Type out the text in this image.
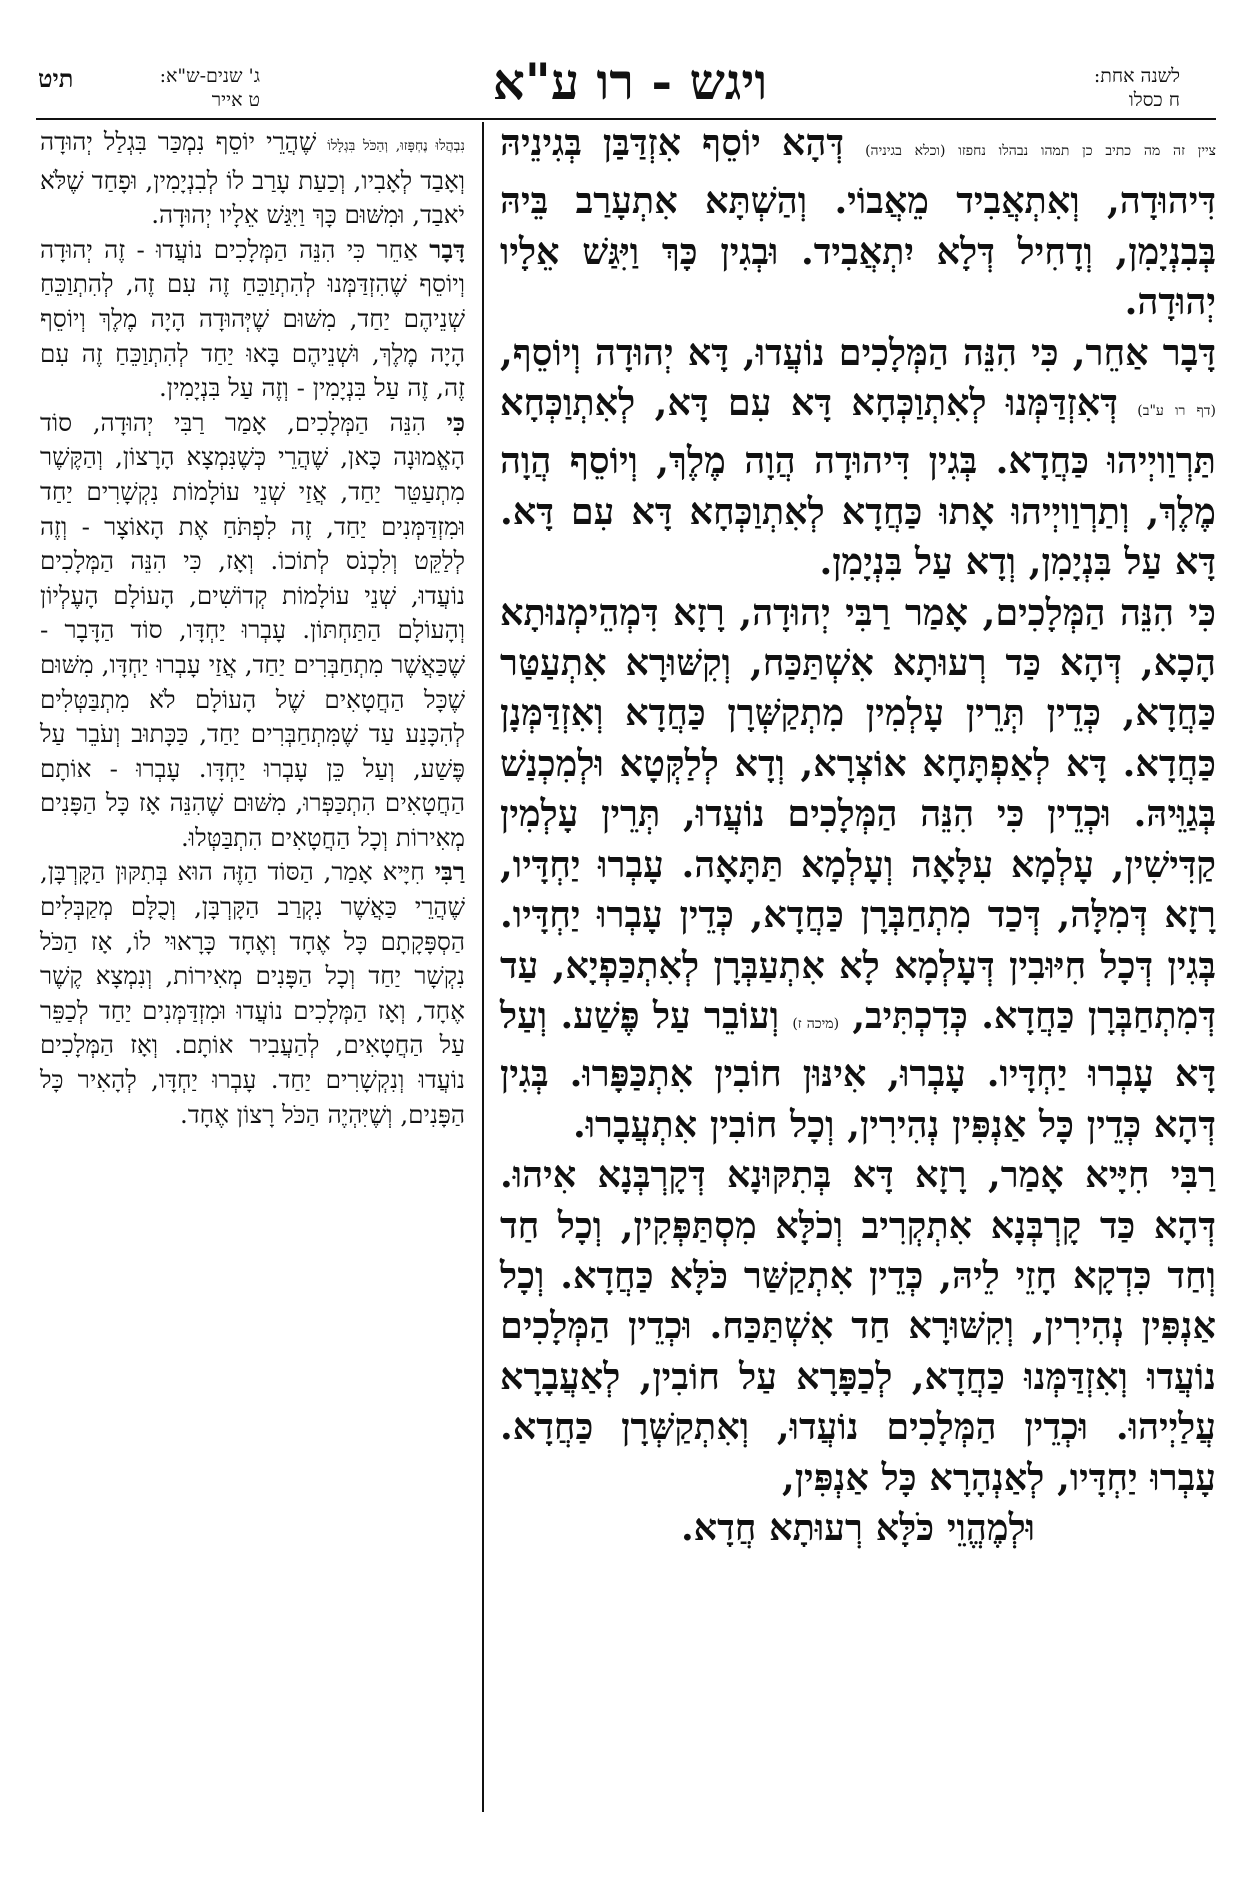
ג' שנים-ש"א:
ט אייר
תיט	ויגש - רו ע"א	לשנה אחת:
ח כסלו

נִבְהֲלוּ נֶחְפָּזוּ, וְהַכֹּל בִּגְלָלוֹ שֶׁהֲרֵי יוֹסֵף נִמְכַּר בִּגְלַל יְהוּדָה וְאָבַד לְאָבִיו, וְכַעַת עָרַב לוֹ לְבִנְיָמִין, וּפָחַד שֶׁלֹּא יֹאבַד, וּמִשּׁוּם כָּךְ וַיִּגַּשׁ אֵלָיו יְהוּדָה.

דָּבָר אַחֵר כִּי הִנֵּה הַמְּלָכִים נוֹעֲדוּ - זֶה יְהוּדָה וְיוֹסֵף שֶׁהִזְדַּמְּנוּ לְהִתְוַכֵּחַ זֶה עִם זֶה, לְהִתְוַכֵּחַ שְׁנֵיהֶם יַחַד, מִשּׁוּם שֶׁיְּהוּדָה הָיָה מֶלֶךְ וְיוֹסֵף הָיָה מֶלֶךְ, וּשְׁנֵיהֶם בָּאוּ יַחַד לְהִתְוַכֵּחַ זֶה עִם זֶה, זֶה עַל בִּנְיָמִין - וְזֶה עַל בִּנְיָמִין.

כִּי הִנֵּה הַמְּלָכִים, אָמַר רַבִּי יְהוּדָה, סוֹד הָאֱמוּנָה כָּאן, שֶׁהֲרֵי כְּשֶׁנִּמְצָא הָרָצוֹן, וְהַקֶּשֶׁר מִתְעַטֵּר יַחַד, אֲזַי שְׁנֵי עוֹלָמוֹת נִקְשָׁרִים יַחַד וּמִזְדַּמְּנִים יַחַד, זֶה לִפְתֹּחַ אֶת הָאוֹצָר - וְזֶה לְלַקֵּט וְלִכְנֹס לְתוֹכוֹ. וְאָז, כִּי הִנֵּה הַמְּלָכִים נוֹעֲדוּ, שְׁנֵי עוֹלָמוֹת קְדוֹשִׁים, הָעוֹלָם הָעֶלְיוֹן וְהָעוֹלָם הַתַּחְתּוֹן. עָבְרוּ יַחְדָּו, סוֹד הַדָּבָר - שֶׁכַּאֲשֶׁר מִתְחַבְּרִים יַחַד, אֲזַי עָבְרוּ יַחְדָּו, מִשּׁוּם שֶׁכָּל הַחֲטָאִים שֶׁל הָעוֹלָם לֹא מִתְבַּטְּלִים לְהִכָּנַע עַד שֶׁמִּתְחַבְּרִים יַחַד, כַּכָּתוּב וְעֹבֵר עַל פֶּשַׁע, וְעַל כֵּן עָבְרוּ יַחְדָּו. עָבְרוּ - אוֹתָם הַחֲטָאִים הִתְכַּפְּרוּ, מִשּׁוּם שֶׁהִנֵּה אָז כָּל הַפָּנִים מְאִירוֹת וְכָל הַחֲטָאִים הִתְבַּטְּלוּ.

רַבִּי חִיָּיא אָמַר, הַסּוֹד הַזֶּה הוּא בְּתִקּוּן הַקָּרְבָּן, שֶׁהֲרֵי כַּאֲשֶׁר נִקְרַב הַקָּרְבָּן, וְכֻלָּם מְקַבְּלִים הַסְפָּקָתָם כָּל אֶחָד וְאֶחָד כָּרָאוּי לוֹ, אָז הַכֹּל נִקְשָׁר יַחַד וְכָל הַפָּנִים מְאִירוֹת, וְנִמְצָא קֶשֶׁר אֶחָד, וְאָז הַמְּלָכִים נוֹעֲדוּ וּמִזְדַּמְּנִים יַחַד לְכַפֵּר עַל הַחֲטָאִים, לְהַעֲבִיר אוֹתָם. וְאָז הַמְּלָכִים נוֹעֲדוּ וְנִקְשָׁרִים יַחַד. עָבְרוּ יַחְדָּו, לְהָאִיר כָּל הַפָּנִים, וְשֶׁיִּהְיֶה הַכֹּל רָצוֹן אֶחָד.

ציין זה מה כתיב כן תמהו נבהלו נחפזו (וכלא בגיניה) דְּהָא יוֹסֵף אִזְדַּבַּן בְּגִינֵיהּ דִּיהוּדָה, וְאִתְאֲבִיד מֵאֲבוֹי. וְהַשְׁתָּא אִתְעָרַב בֵּיהּ בְּבִנְיָמִן, וְדָחִיל דְּלָא יִתְאֲבִיד. וּבְגִין כָּךְ וַיִּגַּשׁ אֵלָיו יְהוּדָה.

דָּבָר אַחֵר, כִּי הִנֵּה הַמְּלָכִים נוֹעֲדוּ, דָּא יְהוּדָה וְיוֹסֵף, (דף רו ע"ב) דְּאִזְדַּמְּנוּ לְאִתְוַכְּחָא דָּא עִם דָּא, לְאִתְוַכְּחָא תַּרְוַויְיהוּ כַּחֲדָא. בְּגִין דִּיהוּדָה הֲוָה מֶלֶךְ, וְיוֹסֵף הֲוָה מֶלֶךְ, וְתַרְוַויְיהוּ אָתוּ כַּחֲדָא לְאִתְוַכְּחָא דָּא עִם דָּא. דָּא עַל בִּנְיָמִן, וְדָא עַל בִּנְיָמִן.

כִּי הִנֵּה הַמְּלָכִים, אָמַר רַבִּי יְהוּדָה, רָזָא דִּמְהֵימְנוּתָא הָכָא, דְּהָא כַּד רְעוּתָא אִשְׁתַּכַּח, וְקִשּׁוּרָא אִתְעַטַּר כַּחֲדָא, כְּדֵין תְּרֵין עָלְמִין מִתְקַשְּׁרָן כַּחֲדָא וְאִזְדַּמְּנָן כַּחֲדָא. דָּא לְאַפְתָּחָא אוֹצְרָא, וְדָא לְלַקְּטָא וּלְמִכְנַשׁ בְּגַוֵּיהּ. וּכְדֵין כִּי הִנֵּה הַמְּלָכִים נוֹעֲדוּ, תְּרֵין עָלְמִין קַדִּישִׁין, עָלְמָא עִלָּאָה וְעָלְמָא תַּתָּאָה. עָבְרוּ יַחְדָּיו, רָזָא דְּמִלָּה, דְּכַד מִתְחַבְּרָן כַּחֲדָא, כְּדֵין עָבְרוּ יַחְדָּיו. בְּגִין דְּכָל חִיּוּבִין דְּעָלְמָא לָא אִתְעַבְּרָן לְאִתְכַּפְיָא, עַד דְּמִתְחַבְּרָן כַּחֲדָא. כְּדִכְתִּיב, (מיכה ז) וְעוֹבֵר עַל פֶּשַׁע. וְעַל דָּא עָבְרוּ יַחְדָּיו. עָבְרוּ, אִינּוּן חוֹבִין אִתְכַּפָּרוּ. בְּגִין דְּהָא כְּדֵין כָּל אַנְפִּין נְהִירִין, וְכָל חוֹבִין אִתְעֲבָרוּ.

רַבִּי חִיָּיא אָמַר, רָזָא דָּא בְּתִקּוּנָא דְּקָרְבְּנָא אִיהוּ. דְּהָא כַּד קָרְבְּנָא אִתְקְרִיב וְכֹלָּא מִסְתַּפְּקִין, וְכָל חַד וְחַד כִּדְקָא חָזֵי לֵיהּ, כְּדֵין אִתְקַשַּׁר כֹּלָּא כַּחֲדָא. וְכָל אַנְפִּין נְהִירִין, וְקִשּׁוּרָא חַד אִשְׁתַּכַּח. וּכְדֵין הַמְּלָכִים נוֹעֲדוּ וְאִזְדַּמְּנוּ כַּחֲדָא, לְכַפָּרָא עַל חוֹבִין, לְאַעֲבָרָא עֲלַיְיהוּ. וּכְדֵין הַמְּלָכִים נוֹעֲדוּ, וְאִתְקַשְּׁרָן כַּחֲדָא. עָבְרוּ יַחְדָּיו, לְאַנְהָרָא כָּל אַנְפִּין,

וּלְמֶהֱוֵי כֹּלָּא רְעוּתָא חֲדָא.
